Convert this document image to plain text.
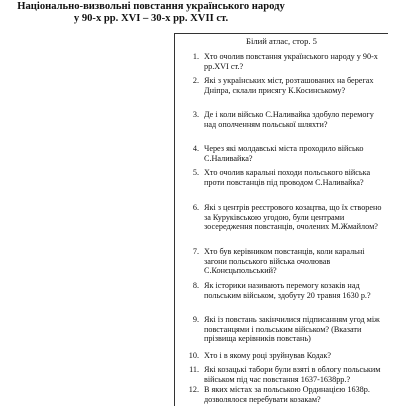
Національно-визвольні повстання українського народу
у 90-х рр. XVI – 30-х рр. XVII ст.
Білий атлас, стор. 5
1. Хто очолив повстання українського народу у 90-х рр.XVI ст.?
2. Які з українських міст, розташованих на берегах Дніпра, склали присягу К.Косинському?
3. Де і коли військо С.Наливайка здобуло перемогу над ополченням польської шляхти?
4. Через які молдавські міста проходило військо С.Наливайка?
5. Хто очолив каральні походи польського війська проти повстанців під проводом С.Наливайка?
6. Які з центрів реєстрового козацтва, що їх створено за Куруківською угодою, були центрами зосередження повстанців, очолених М.Жмайлом?
7. Хто був керівником повстанців, коли каральні загони польського війська очолював С.Конєцьпольський?
8. Як історики називають перемогу козаків над польським військом, здобуту 20 травня 1630 р.?
9. Які із повстань закінчилися підписанням угод між повстанцями і польським військом? (Вказати прізвища керівників повстань)
10. Хто і в якому році зруйнував Кодак?
11. Які козацькі табори були взяті в облогу польським військом під час повстання 1637-1638рр.?
12. В яких містах за польською Ординацією 1638р. дозволялося перебувати козакам?
